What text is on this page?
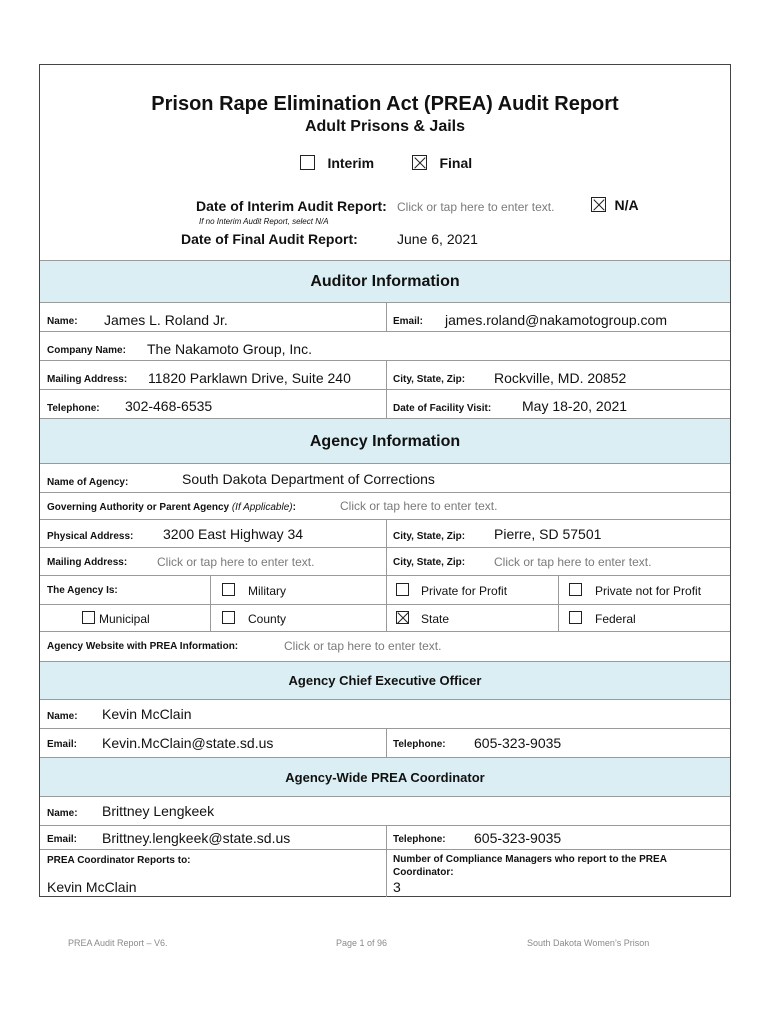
Prison Rape Elimination Act (PREA) Audit Report
Adult Prisons & Jails
Interim	Final
Date of Interim Audit Report: Click or tap here to enter text.	N/A
If no Interim Audit Report, select N/A
Date of Final Audit Report:	June 6, 2021
Auditor Information
Name: James L. Roland Jr.	Email: james.roland@nakamotogroup.com
Company Name: The Nakamoto Group, Inc.
Mailing Address: 11820 Parklawn Drive, Suite 240	City, State, Zip: Rockville, MD. 20852
Telephone: 302-468-6535	Date of Facility Visit: May 18-20, 2021
Agency Information
Name of Agency:	South Dakota Department of Corrections
Governing Authority or Parent Agency (If Applicable):	Click or tap here to enter text.
Physical Address: 3200 East Highway 34	City, State, Zip: Pierre, SD 57501
Mailing Address: Click or tap here to enter text.	City, State, Zip: Click or tap here to enter text.
The Agency Is:	Military	Private for Profit	Private not for Profit
Municipal	County	State	Federal
Agency Website with PREA Information:	Click or tap here to enter text.
Agency Chief Executive Officer
Name: Kevin McClain
Email: Kevin.McClain@state.sd.us	Telephone: 605-323-9035
Agency-Wide PREA Coordinator
Name: Brittney Lengkeek
Email: Brittney.lengkeek@state.sd.us	Telephone: 605-323-9035
PREA Coordinator Reports to:
Kevin McClain
Number of Compliance Managers who report to the PREA
Coordinator:
3
PREA Audit Report – V6.	Page 1 of 96	South Dakota Women’s Prison
